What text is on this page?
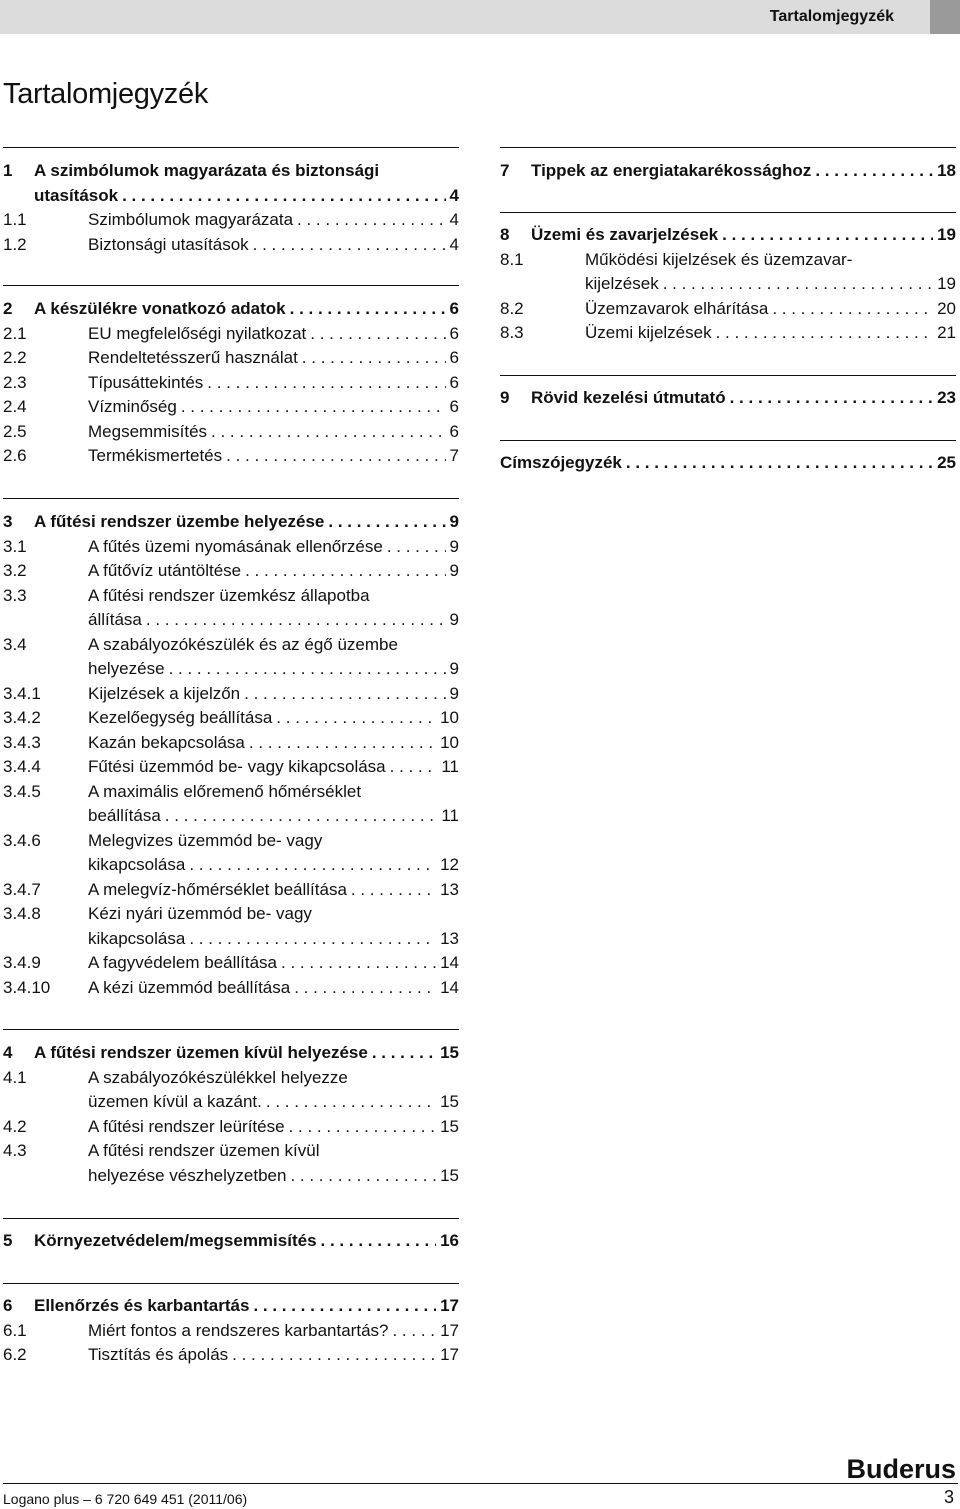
Tartalomjegyzék
Tartalomjegyzék
1 A szimbólumok magyarázata és biztonsági
utasítások . . .	4
1.1	Szimbólumok magyarázata . . .	4
1.2	Biztonsági utasítások . . .	4
2 A készülékre vonatkozó adatok . . .	6
2.1	EU megfelelőségi nyilatkozat . . .	6
2.2	Rendeltetésszerű használat . . .	6
2.3	Típusáttekintés . . .	6
2.4	Vízminőség . . .	6
2.5	Megsemmisítés . . .	6
2.6	Termékismertetés . . .	7
3 A fűtési rendszer üzembe helyezése . . .	9
3.1	A fűtés üzemi nyomásának ellenőrzése . . .	9
3.2	A fűtővíz utántöltése . . .	9
3.3	A fűtési rendszer üzemkész állapotba
állítása . . .	9
3.4	A szabályozókészülék és az égő üzembe
helyezése . . .	9
3.4.1	Kijelzések a kijelzőn . . .	9
3.4.2	Kezelőegység beállítása . . .	10
3.4.3	Kazán bekapcsolása . . .	10
3.4.4	Fűtési üzemmód be- vagy kikapcsolása . . .	11
3.4.5	A maximális előremenő hőmérséklet
beállítása . . .	11
3.4.6	Melegvizes üzemmód be- vagy
kikapcsolása . . .	12
3.4.7	A melegvíz-hőmérséklet beállítása . . .	13
3.4.8	Kézi nyári üzemmód be- vagy
kikapcsolása . . .	13
3.4.9	A fagyvédelem beállítása . . .	14
3.4.10 A kézi üzemmód beállítása . . .	14
4 A fűtési rendszer üzemen kívül helyezése . . .	15
4.1	A szabályozókészülékkel helyezze
üzemen kívül a kazánt. . . .	15
4.2	A fűtési rendszer leürítése . . .	15
4.3	A fűtési rendszer üzemen kívül
helyezése vészhelyzetben . . .	15
5 Környezetvédelem/megsemmisítés . . .	16
6 Ellenőrzés és karbantartás . . .	17
6.1	Miért fontos a rendszeres karbantartás? . . .	17
6.2	Tisztítás és ápolás . . .	17
7 Tippek az energiatakarékossághoz . . .	18
8 Üzemi és zavarjelzések . . .	19
8.1	Működési kijelzések és üzemzavar-
kijelzések . . .	19
8.2	Üzemzavarok elhárítása . . .	20
8.3	Üzemi kijelzések . . .	21
9 Rövid kezelési útmutató . . .	23
Címszójegyzék . . .	25
Logano plus – 6 720 649 451 (2011/06)	3
Buderus
